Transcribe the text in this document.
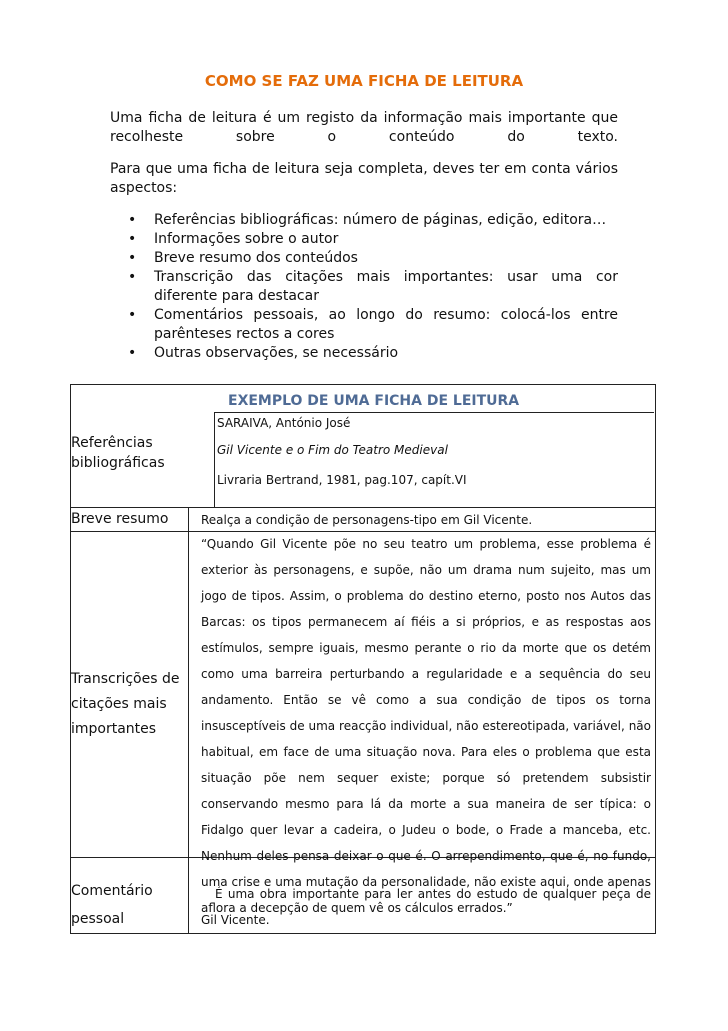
COMO SE FAZ UMA FICHA DE LEITURA
Uma ficha de leitura é um registo da informação mais importante que recolheste sobre o conteúdo do texto.
Para que uma ficha de leitura seja completa, deves ter em conta vários aspectos:
• Referências bibliográficas: número de páginas, edição, editora…
• Informações sobre o autor
• Breve resumo dos conteúdos
• Transcrição das citações mais importantes: usar uma cor diferente para destacar
• Comentários pessoais, ao longo do resumo: colocá-los entre parênteses rectos a cores
• Outras observações, se necessário
EXEMPLO DE UMA FICHA DE LEITURA
Referências bibliográficas
SARAIVA, António José
Gil Vicente e o Fim do Teatro Medieval
Livraria Bertrand, 1981, pag.107, capít.VI
Breve resumo	Realça a condição de personagens-tipo em Gil Vicente.
Transcrições de citações mais importantes
“Quando Gil Vicente põe no seu teatro um problema, esse problema é exterior às personagens, e supõe, não um drama num sujeito, mas um jogo de tipos. Assim, o problema do destino eterno, posto nos Autos das Barcas: os tipos permanecem aí fiéis a si próprios, e as respostas aos estímulos, sempre iguais, mesmo perante o rio da morte que os detém como uma barreira perturbando a regularidade e a sequência do seu andamento. Então se vê como a sua condição de tipos os torna insusceptíveis de uma reacção individual, não estereotipada, variável, não habitual, em face de uma situação nova. Para eles o problema que esta situação põe nem sequer existe; porque só pretendem subsistir conservando mesmo para lá da morte a sua maneira de ser típica: o Fidalgo quer levar a cadeira, o Judeu o bode, o Frade a manceba, etc. Nenhum deles pensa deixar o que é. O arrependimento, que é, no fundo, uma crise e uma mutação da personalidade, não existe aqui, onde apenas aflora a decepção de quem vê os cálculos errados.”
Comentário pessoal
É uma obra importante para ler antes do estudo de qualquer peça de Gil Vicente.
